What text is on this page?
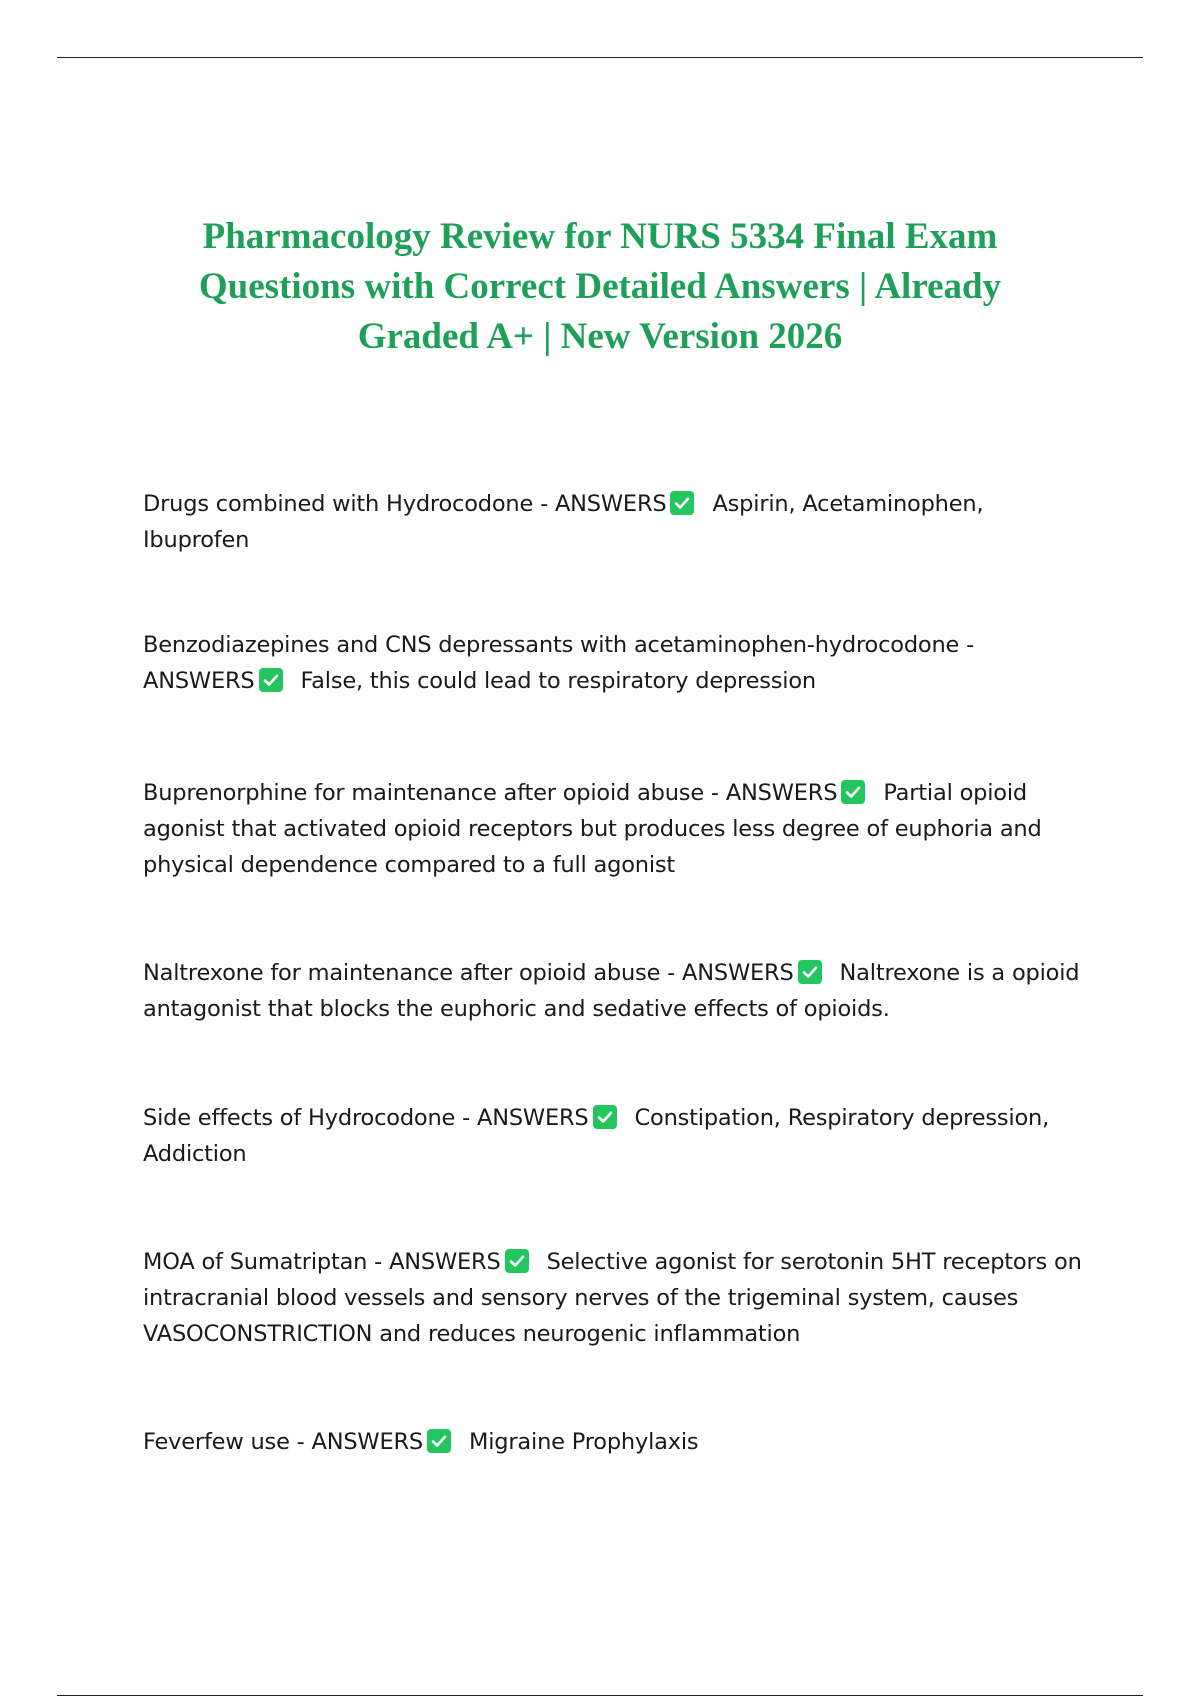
Pharmacology Review for NURS 5334 Final Exam Questions with Correct Detailed Answers | Already Graded A+ | New Version 2026

Drugs combined with Hydrocodone - ANSWERS Aspirin, Acetaminophen, Ibuprofen

Benzodiazepines and CNS depressants with acetaminophen-hydrocodone - ANSWERS False, this could lead to respiratory depression

Buprenorphine for maintenance after opioid abuse - ANSWERS Partial opioid agonist that activated opioid receptors but produces less degree of euphoria and physical dependence compared to a full agonist

Naltrexone for maintenance after opioid abuse - ANSWERS Naltrexone is a opioid antagonist that blocks the euphoric and sedative effects of opioids.

Side effects of Hydrocodone - ANSWERS Constipation, Respiratory depression, Addiction

MOA of Sumatriptan - ANSWERS Selective agonist for serotonin 5HT receptors on intracranial blood vessels and sensory nerves of the trigeminal system, causes VASOCONSTRICTION and reduces neurogenic inflammation

Feverfew use - ANSWERS Migraine Prophylaxis
